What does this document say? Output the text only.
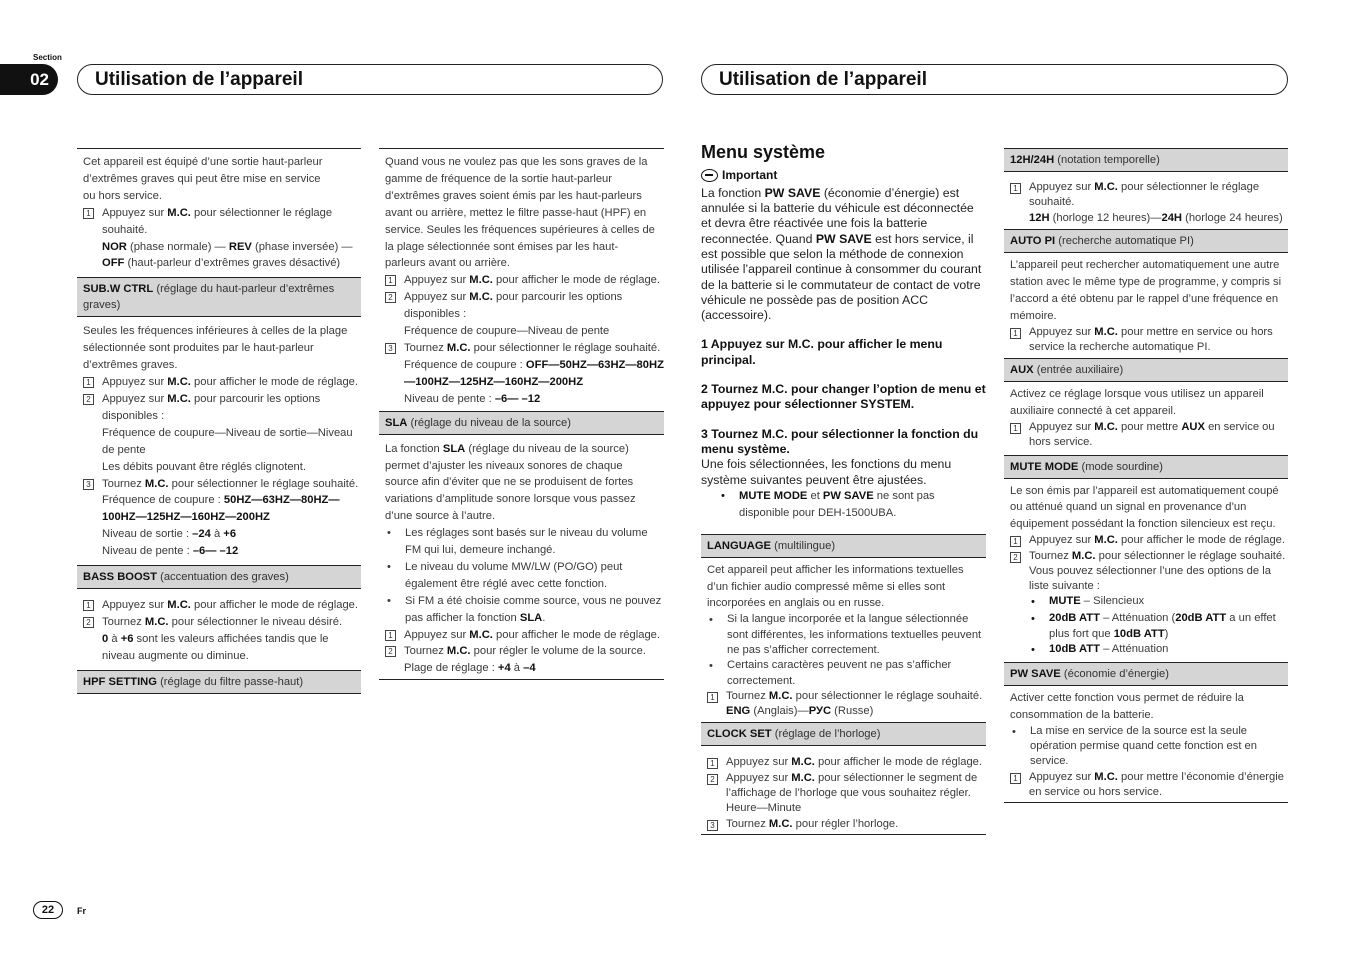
Section
02	Utilisation de l’appareil	Utilisation de l’appareil
Cet appareil est équipé d’une sortie haut-parleur
d’extrêmes graves qui peut être mise en service
ou hors service.
1 Appuyez sur M.C. pour sélectionner le réglage souhaité.
NOR (phase normale) — REV (phase inversée) — OFF (haut-parleur d’extrêmes graves désactivé)
SUB.W CTRL (réglage du haut-parleur d’extrêmes graves)
Seules les fréquences inférieures à celles de la plage sélectionnée sont produites par le haut-parleur d’extrêmes graves.
1 Appuyez sur M.C. pour afficher le mode de réglage.
2 Appuyez sur M.C. pour parcourir les options disponibles :
Fréquence de coupure—Niveau de sortie—Niveau de pente
Les débits pouvant être réglés clignotent.
3 Tournez M.C. pour sélectionner le réglage souhaité.
Fréquence de coupure : 50HZ—63HZ—80HZ—100HZ—125HZ—160HZ—200HZ
Niveau de sortie : –24 à +6
Niveau de pente : –6— –12
BASS BOOST (accentuation des graves)
1 Appuyez sur M.C. pour afficher le mode de réglage.
2 Tournez M.C. pour sélectionner le niveau désiré.
0 à +6 sont les valeurs affichées tandis que le niveau augmente ou diminue.
HPF SETTING (réglage du filtre passe-haut)
Quand vous ne voulez pas que les sons graves de la gamme de fréquence de la sortie haut-parleur d’extrêmes graves soient émis par les haut-parleurs avant ou arrière, mettez le filtre passe-haut (HPF) en service. Seules les fréquences supérieures à celles de la plage sélectionnée sont émises par les haut-parleurs avant ou arrière.
1 Appuyez sur M.C. pour afficher le mode de réglage.
2 Appuyez sur M.C. pour parcourir les options disponibles :
Fréquence de coupure—Niveau de pente
3 Tournez M.C. pour sélectionner le réglage souhaité.
Fréquence de coupure : OFF—50HZ—63HZ—80HZ—100HZ—125HZ—160HZ—200HZ
Niveau de pente : –6— –12
SLA (réglage du niveau de la source)
La fonction SLA (réglage du niveau de la source) permet d’ajuster les niveaux sonores de chaque source afin d’éviter que ne se produisent de fortes variations d’amplitude sonore lorsque vous passez d’une source à l’autre.
•	Les réglages sont basés sur le niveau du volume FM qui lui, demeure inchangé.
•	Le niveau du volume MW/LW (PO/GO) peut également être réglé avec cette fonction.
•	Si FM a été choisie comme source, vous ne pouvez pas afficher la fonction SLA.
1 Appuyez sur M.C. pour afficher le mode de réglage.
2 Tournez M.C. pour régler le volume de la source.
Plage de réglage : +4 à –4
Menu système
Important
La fonction PW SAVE (économie d’énergie) est annulée si la batterie du véhicule est déconnectée et devra être réactivée une fois la batterie reconnectée. Quand PW SAVE est hors service, il est possible que selon la méthode de connexion utilisée l’appareil continue à consommer du courant de la batterie si le commutateur de contact de votre véhicule ne possède pas de position ACC (accessoire).
1 Appuyez sur M.C. pour afficher le menu principal.
2 Tournez M.C. pour changer l’option de menu et appuyez pour sélectionner SYSTEM.
3 Tournez M.C. pour sélectionner la fonction du menu système.
Une fois sélectionnées, les fonctions du menu système suivantes peuvent être ajustées.
•	MUTE MODE et PW SAVE ne sont pas disponible pour DEH-1500UBA.
LANGUAGE (multilingue)
Cet appareil peut afficher les informations textuelles d’un fichier audio compressé même si elles sont incorporées en anglais ou en russe.
•	Si la langue incorporée et la langue sélectionnée sont différentes, les informations textuelles peuvent ne pas s’afficher correctement.
•	Certains caractères peuvent ne pas s’afficher correctement.
1 Tournez M.C. pour sélectionner le réglage souhaité.
ENG (Anglais)—РУС (Russe)
CLOCK SET (réglage de l’horloge)
1 Appuyez sur M.C. pour afficher le mode de réglage.
2 Appuyez sur M.C. pour sélectionner le segment de l’affichage de l’horloge que vous souhaitez régler.
Heure—Minute
3 Tournez M.C. pour régler l’horloge.
12H/24H (notation temporelle)
1 Appuyez sur M.C. pour sélectionner le réglage souhaité.
12H (horloge 12 heures)—24H (horloge 24 heures)
AUTO PI (recherche automatique PI)
L’appareil peut rechercher automatiquement une autre station avec le même type de programme, y compris si l’accord a été obtenu par le rappel d’une fréquence en mémoire.
1 Appuyez sur M.C. pour mettre en service ou hors service la recherche automatique PI.
AUX (entrée auxiliaire)
Activez ce réglage lorsque vous utilisez un appareil auxiliaire connecté à cet appareil.
1 Appuyez sur M.C. pour mettre AUX en service ou hors service.
MUTE MODE (mode sourdine)
Le son émis par l’appareil est automatiquement coupé ou atténué quand un signal en provenance d’un équipement possédant la fonction silencieux est reçu.
1 Appuyez sur M.C. pour afficher le mode de réglage.
2 Tournez M.C. pour sélectionner le réglage souhaité.
Vous pouvez sélectionner l’une des options de la liste suivante :
•	MUTE – Silencieux
•	20dB ATT – Atténuation (20dB ATT a un effet plus fort que 10dB ATT)
•	10dB ATT – Atténuation
PW SAVE (économie d’énergie)
Activer cette fonction vous permet de réduire la consommation de la batterie.
•	La mise en service de la source est la seule opération permise quand cette fonction est en service.
1 Appuyez sur M.C. pour mettre l’économie d’énergie en service ou hors service.
22	Fr
